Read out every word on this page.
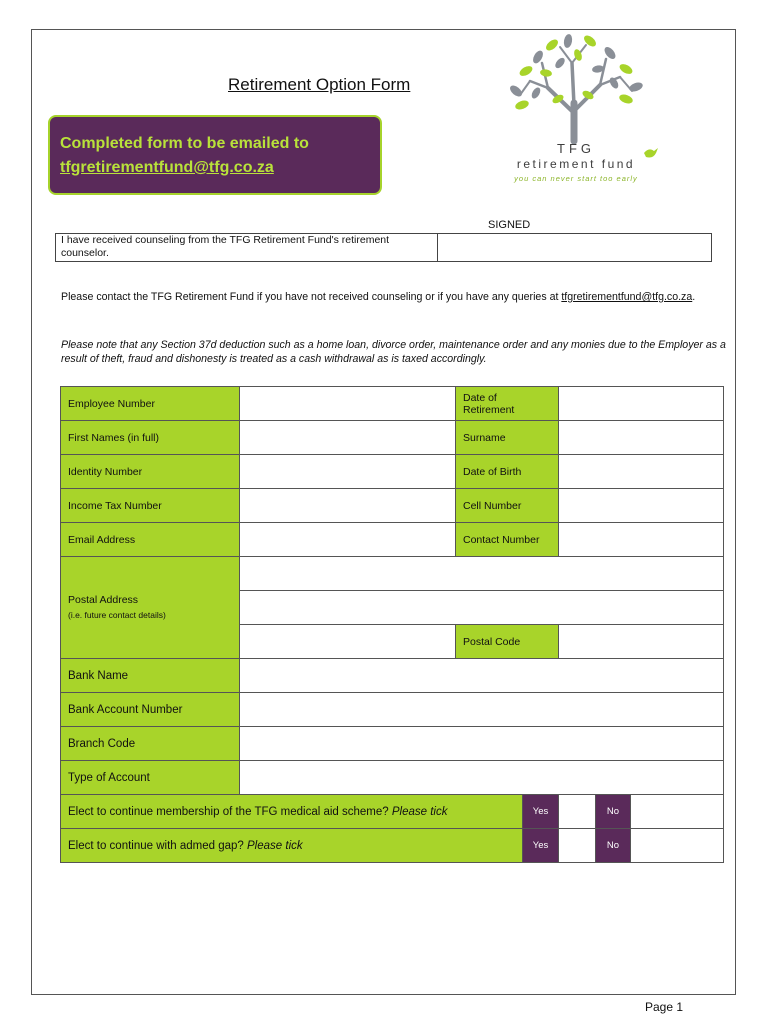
Retirement Option Form
Completed form to be emailed to
tfgretirementfund@tfg.co.za
TFG
retirement fund
you can never start too early
SIGNED
I have received counseling from the TFG Retirement Fund's retirement counselor.	
Please contact the TFG Retirement Fund if you have not received counseling or if you have any queries at tfgretirementfund@tfg.co.za.
Please note that any Section 37d deduction such as a home loan, divorce order, maintenance order and any monies due to the Employer as a result of theft, fraud and dishonesty is treated as a cash withdrawal as is taxed accordingly.
Employee Number		Date of Retirement				
First Names (in full)		Surname				
Identity Number		Date of Birth				
Income Tax Number		Cell Number				
Email Address		Contact Number				

Postal Address
(i.e. future contact details)						

		Postal Code				
Bank Name						
Bank Account Number						
Branch Code						
Type of Account						
Elect to continue membership of the TFG medical aid scheme? Please tick			Yes		No	
Elect to continue with admed gap? Please tick			Yes		No	
Page 1
